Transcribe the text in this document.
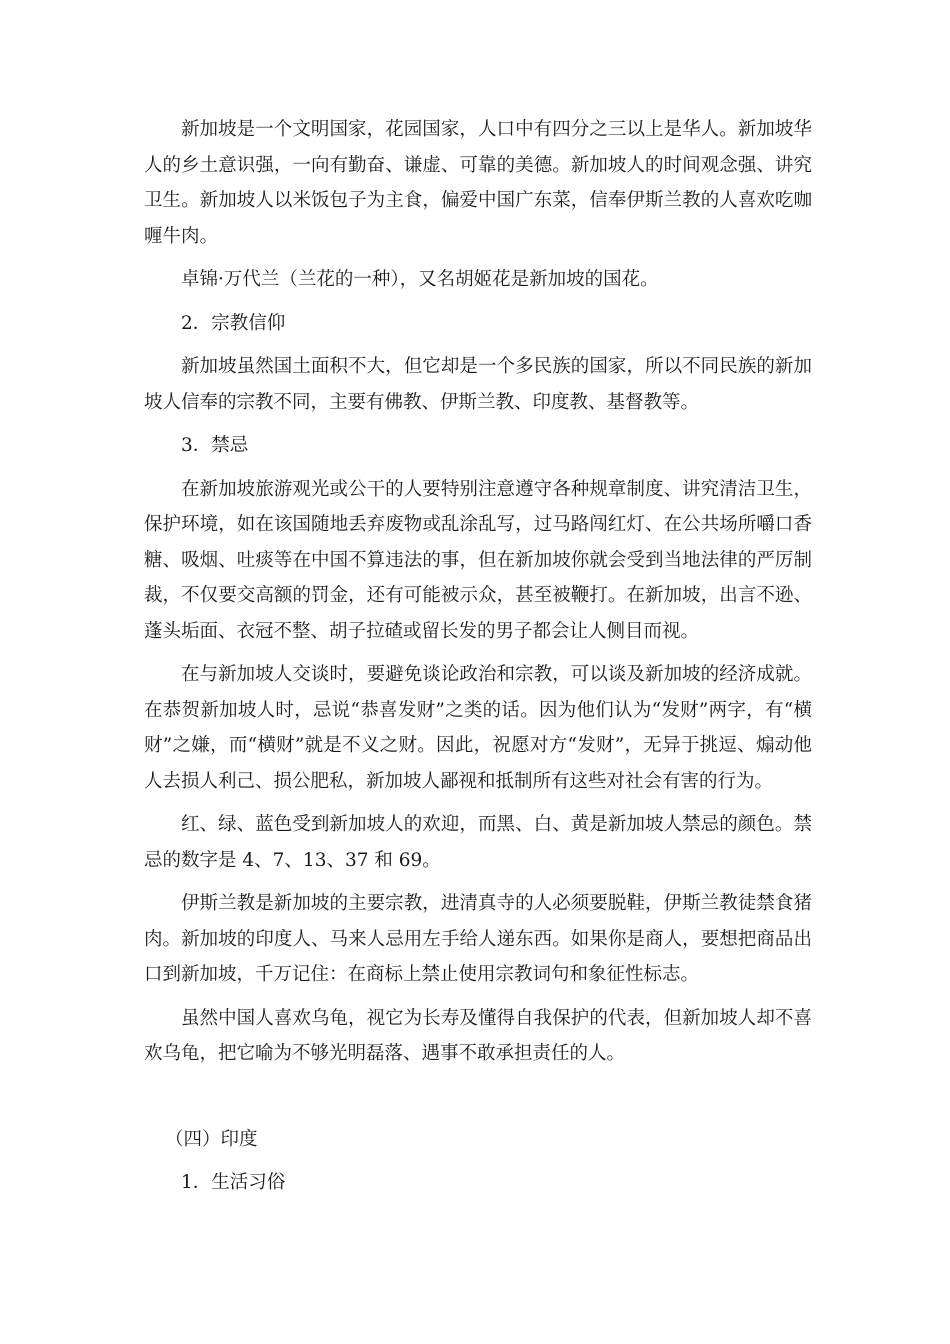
新加坡是一个文明国家，花园国家，人口中有四分之三以上是华人。新加坡华人的乡土意识强，一向有勤奋、谦虚、可靠的美德。新加坡人的时间观念强、讲究卫生。新加坡人以米饭包子为主食，偏爱中国广东菜，信奉伊斯兰教的人喜欢吃咖喱牛肉。

卓锦·万代兰（兰花的一种），又名胡姬花是新加坡的国花。

2．宗教信仰

新加坡虽然国土面积不大，但它却是一个多民族的国家，所以不同民族的新加坡人信奉的宗教不同，主要有佛教、伊斯兰教、印度教、基督教等。

3．禁忌

在新加坡旅游观光或公干的人要特别注意遵守各种规章制度、讲究清洁卫生，保护环境，如在该国随地丢弃废物或乱涂乱写，过马路闯红灯、在公共场所嚼口香糖、吸烟、吐痰等在中国不算违法的事，但在新加坡你就会受到当地法律的严厉制裁，不仅要交高额的罚金，还有可能被示众，甚至被鞭打。在新加坡，出言不逊、蓬头垢面、衣冠不整、胡子拉碴或留长发的男子都会让人侧目而视。

在与新加坡人交谈时，要避免谈论政治和宗教，可以谈及新加坡的经济成就。在恭贺新加坡人时，忌说“恭喜发财”之类的话。因为他们认为“发财”两字，有“横财”之嫌，而“横财”就是不义之财。因此，祝愿对方“发财”，无异于挑逗、煽动他人去损人利己、损公肥私，新加坡人鄙视和抵制所有这些对社会有害的行为。

红、绿、蓝色受到新加坡人的欢迎，而黑、白、黄是新加坡人禁忌的颜色。禁忌的数字是 4、7、13、37 和 69。

伊斯兰教是新加坡的主要宗教，进清真寺的人必须要脱鞋，伊斯兰教徒禁食猪肉。新加坡的印度人、马来人忌用左手给人递东西。如果你是商人，要想把商品出口到新加坡，千万记住：在商标上禁止使用宗教词句和象征性标志。

虽然中国人喜欢乌龟，视它为长寿及懂得自我保护的代表，但新加坡人却不喜欢乌龟，把它喻为不够光明磊落、遇事不敢承担责任的人。

（四）印度

1．生活习俗
